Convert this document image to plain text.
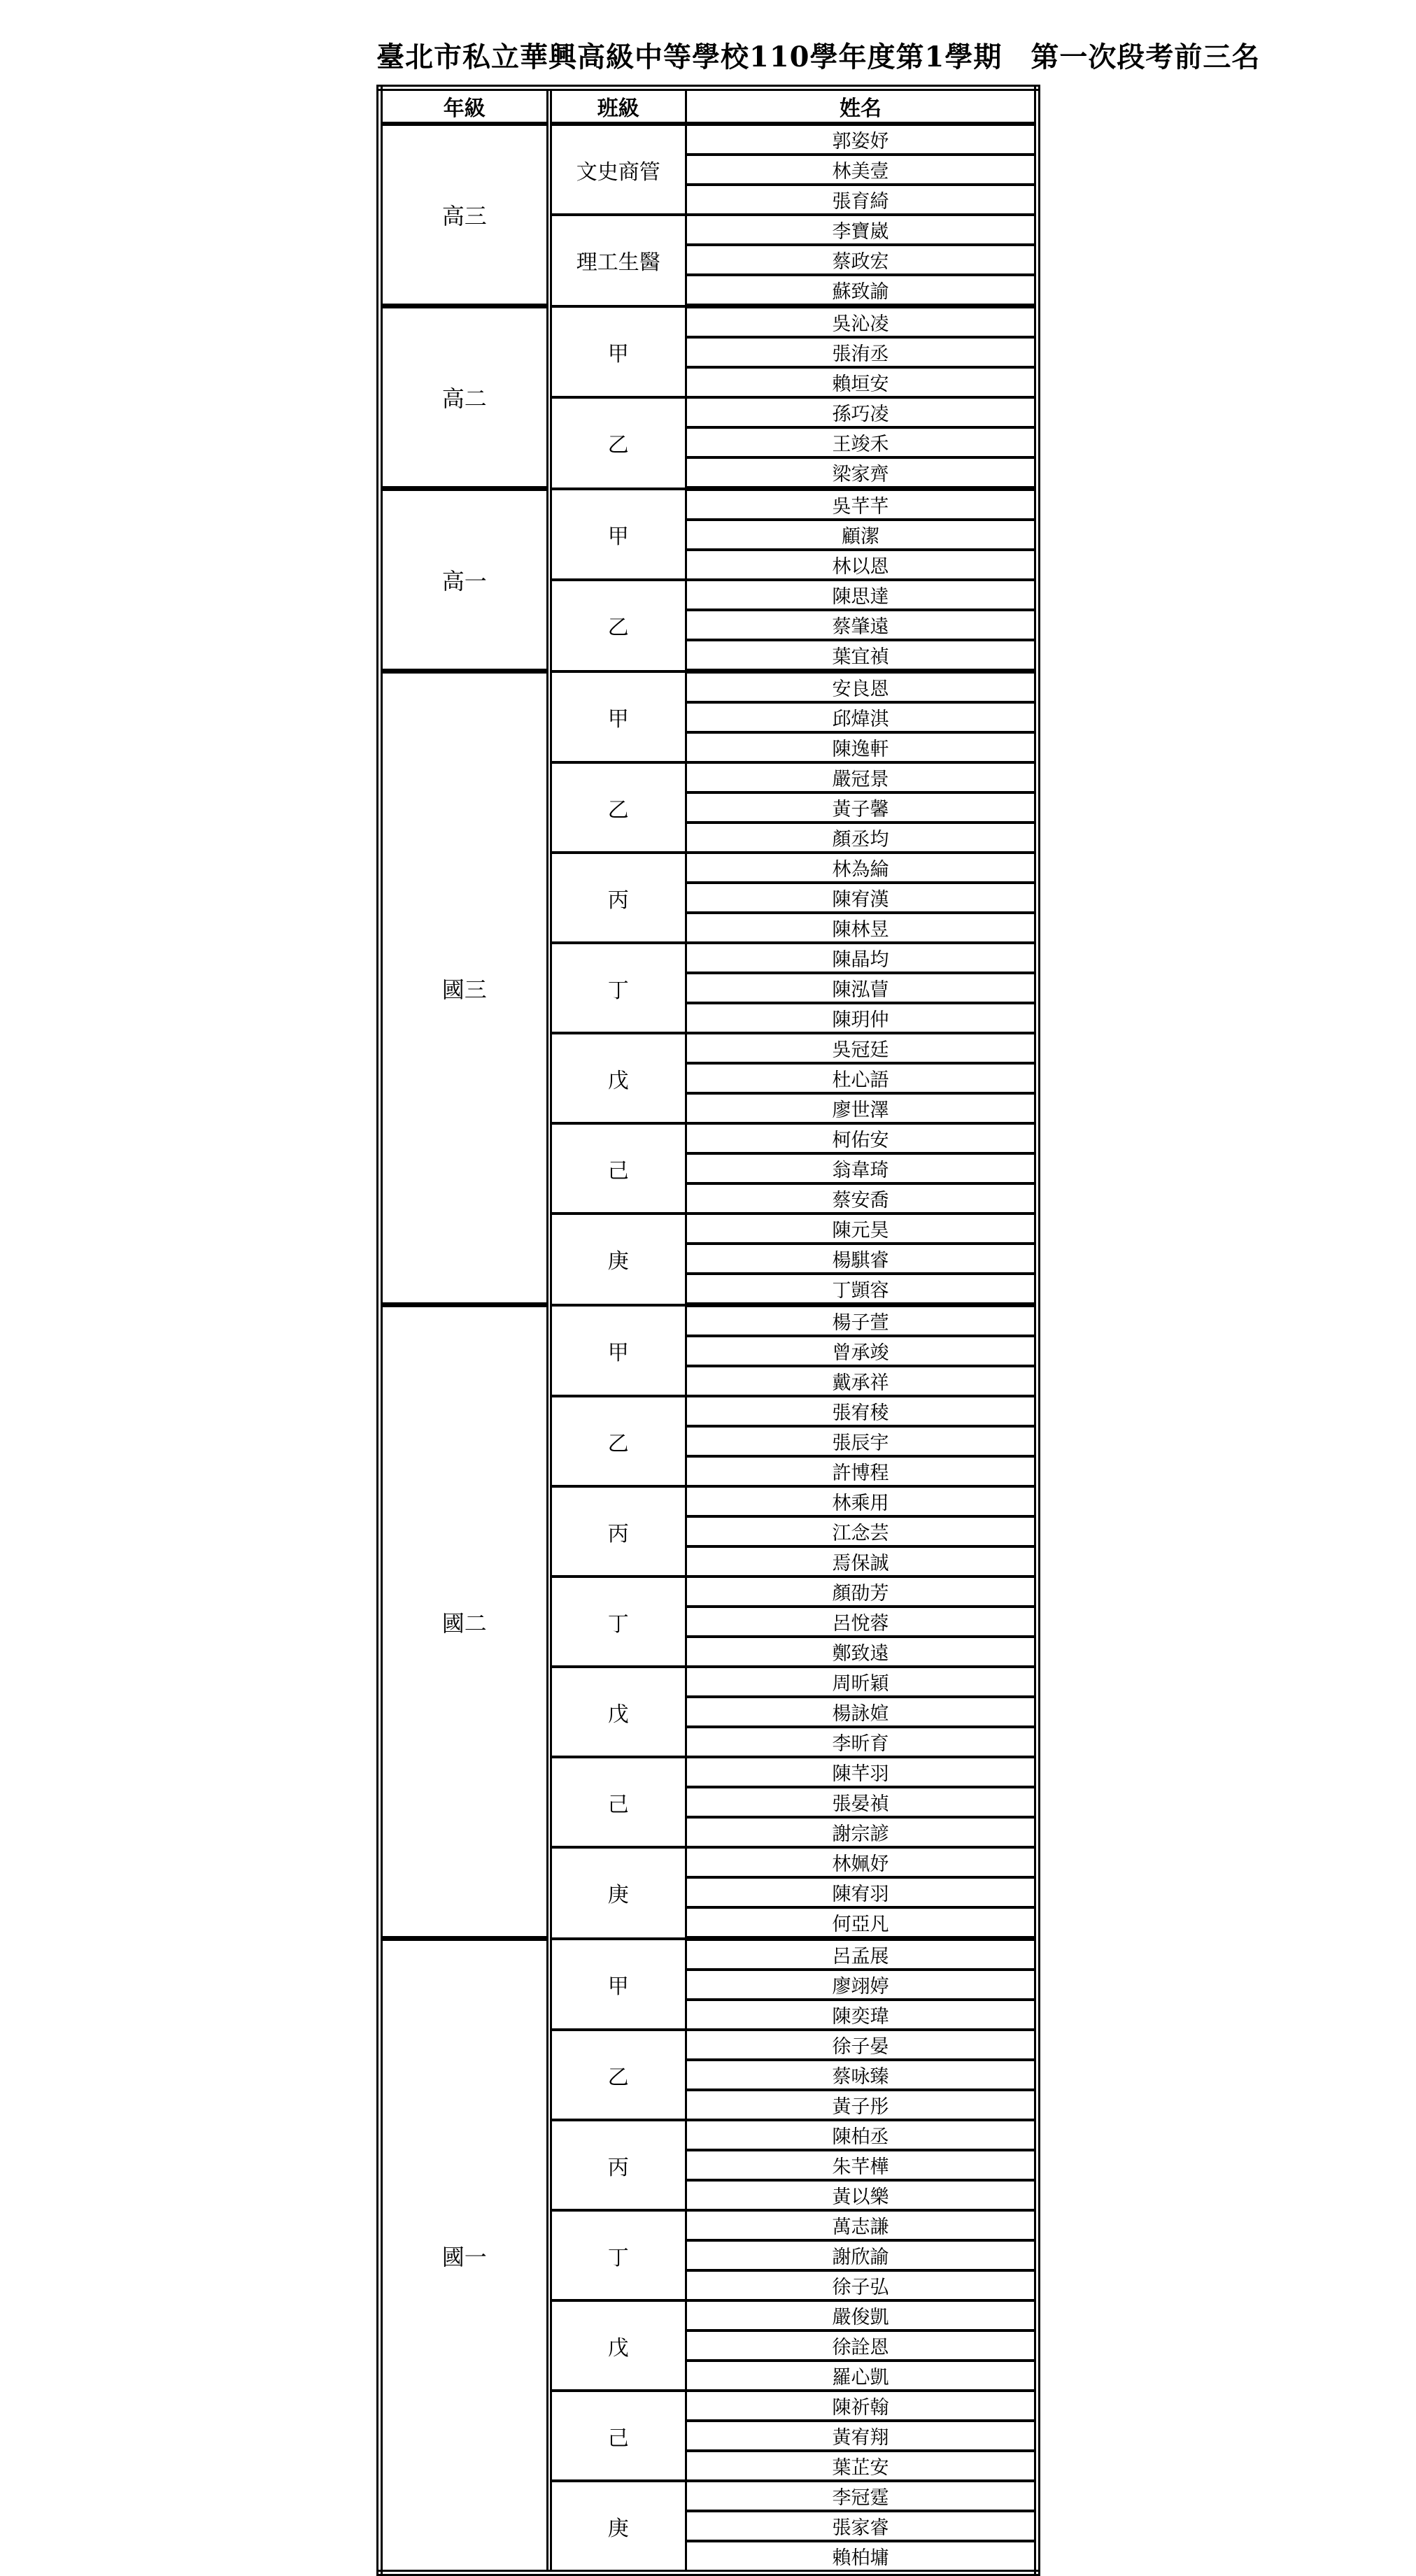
臺北市私立華興高級中等學校110學年度第1學期　第一次段考前三名
年級	班級	姓名
高三	文史商管	郭姿妤
		林美壹
		張育綺
	理工生醫	李寶崴
		蔡政宏
		蘇致諭
高二	甲	吳沁凌
		張洧丞
		賴垣安
	乙	孫巧凌
		王竣禾
		梁家齊
高一	甲	吳芊芊
		顧潔
		林以恩
	乙	陳思達
		蔡肇遠
		葉宜禎
國三	甲	安良恩
		邱煒淇
		陳逸軒
	乙	嚴冠景
		黃子馨
		顏丞均
	丙	林為綸
		陳宥漢
		陳林昱
	丁	陳晶均
		陳泓萺
		陳玥仲
	戊	吳冠廷
		杜心語
		廖世澤
	己	柯佑安
		翁韋琦
		蔡安喬
	庚	陳元昊
		楊騏睿
		丁顗容
國二	甲	楊子萱
		曾承竣
		戴承祥
	乙	張宥稜
		張辰宇
		許博程
	丙	林乘用
		江念芸
		焉保誠
	丁	顏劭芳
		呂悅蓉
		鄭致遠
	戊	周昕穎
		楊詠媗
		李昕育
	己	陳芊羽
		張晏禎
		謝宗諺
	庚	林姵妤
		陳宥羽
		何亞凡
國一	甲	呂孟展
		廖翊婷
		陳奕瑋
	乙	徐子晏
		蔡咏臻
		黃子彤
	丙	陳柏丞
		朱芊樺
		黃以樂
	丁	萬志謙
		謝欣諭
		徐子弘
	戊	嚴俊凱
		徐詮恩
		羅心凱
	己	陳祈翰
		黃宥翔
		葉芷安
	庚	李冠霆
		張家睿
		賴柏墉
